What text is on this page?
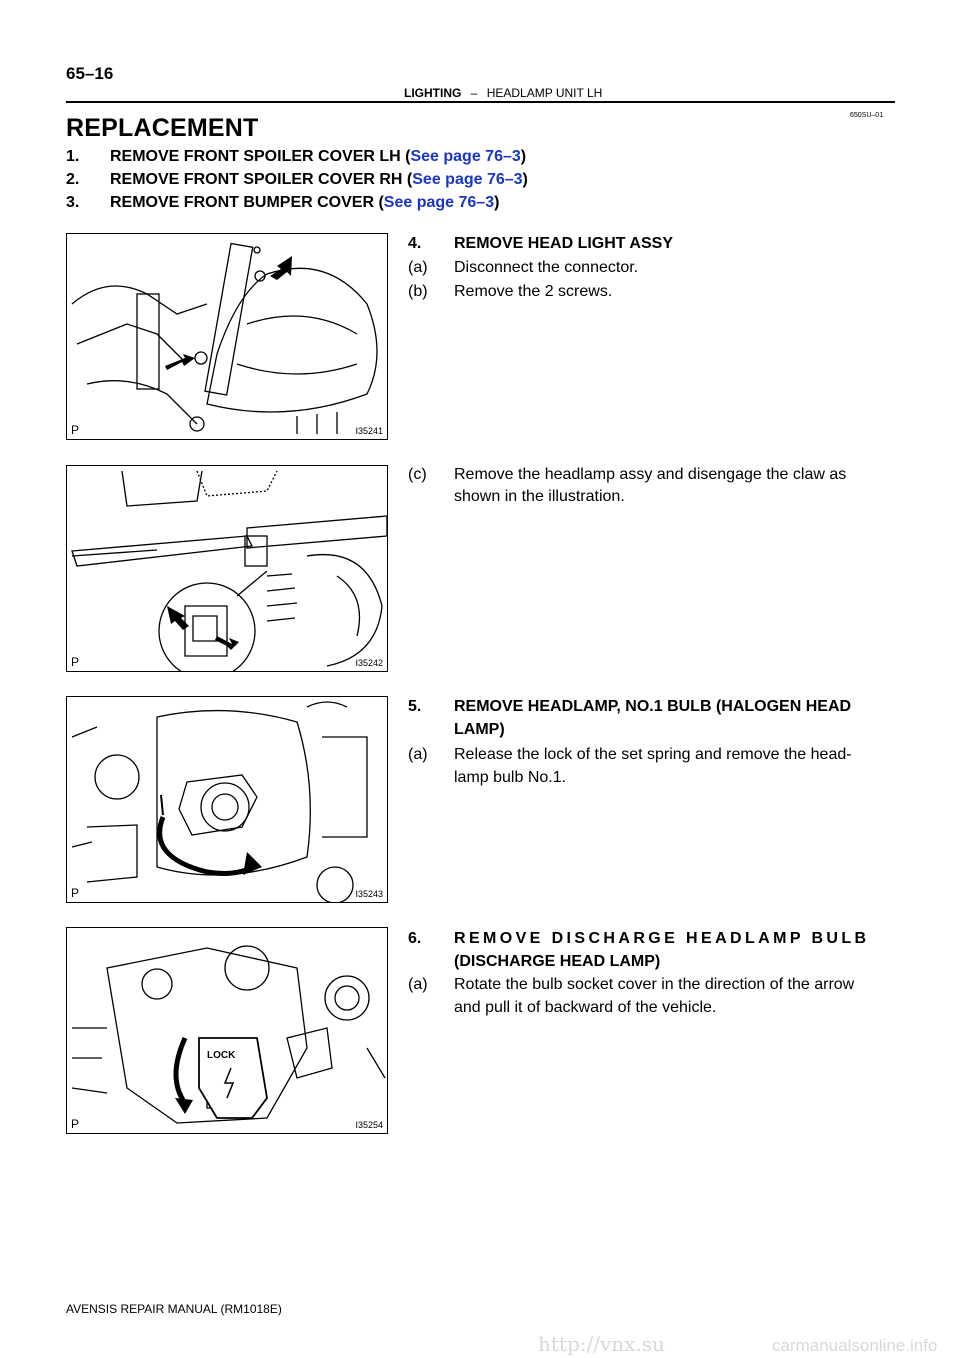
65–16
LIGHTING – HEADLAMP UNIT LH
650SU–01
REPLACEMENT
1. REMOVE FRONT SPOILER COVER LH (See page 76–3)
2. REMOVE FRONT SPOILER COVER RH (See page 76–3)
3. REMOVE FRONT BUMPER COVER (See page 76–3)
P	I35241
P	I35242
P	I35243
LOCK
P	I35254
4. REMOVE HEAD LIGHT ASSY
(a) Disconnect the connector.
(b) Remove the 2 screws.
(c) Remove the headlamp assy and disengage the claw as
shown in the illustration.
5. REMOVE HEADLAMP, NO.1 BULB (HALOGEN HEAD
LAMP)
(a) Release the lock of the set spring and remove the head-
lamp bulb No.1.
6. REMOVE DISCHARGE HEADLAMP BULB
(DISCHARGE HEAD LAMP)
(a) Rotate the bulb socket cover in the direction of the arrow
and pull it of backward of the vehicle.
AVENSIS REPAIR MANUAL (RM1018E)
http://vnx.su	carmanualsonline.info
